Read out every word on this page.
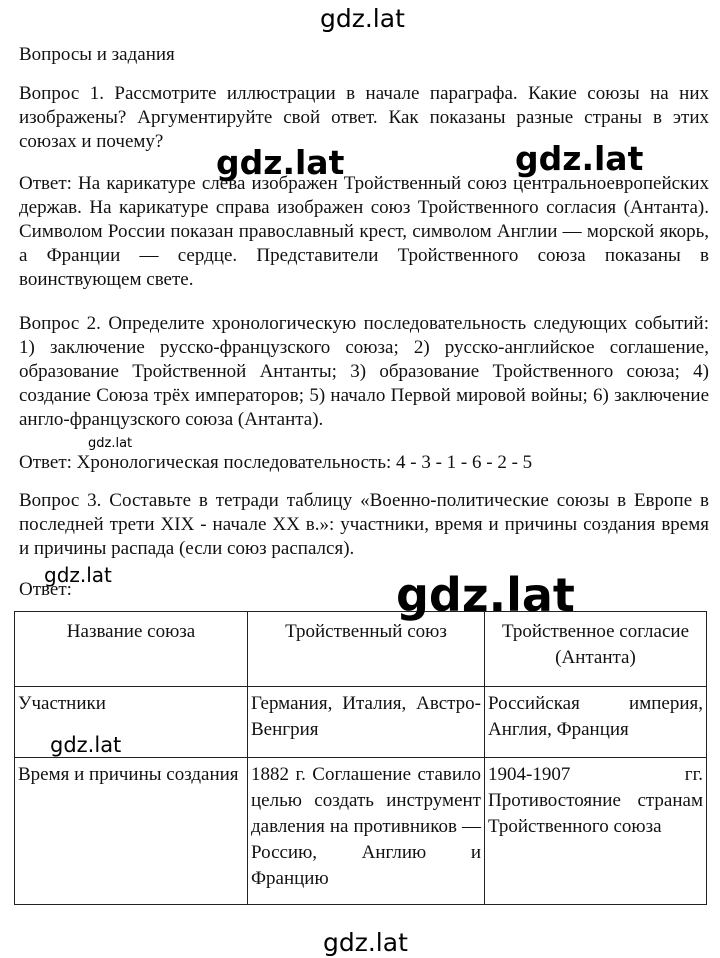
gdz.lat
Вопросы и задания

Вопрос 1. Рассмотрите иллюстрации в начале параграфа. Какие союзы на них изображены? Аргументируйте свой ответ. Как показаны разные страны в этих союзах и почему?

Ответ: На карикатуре слева изображен Тройственный союз центральноевропейских держав. На карикатуре справа изображен союз Тройственного согласия (Антанта). Символом России показан православный крест, символом Англии — морской якорь, а Франции — сердце. Представители Тройственного союза показаны в воинствующем свете.

Вопрос 2. Определите хронологическую последовательность следующих событий: 1) заключение русско-французского союза; 2) русско-английское соглашение, образование Тройственной Антанты; 3) образование Тройственного союза; 4) создание Союза трёх императоров; 5) начало Первой мировой войны; 6) заключение англо-французского союза (Антанта).

Ответ: Хронологическая последовательность: 4 - 3 - 1 - 6 - 2 - 5

Вопрос 3. Составьте в тетради таблицу «Военно-политические союзы в Европе в последней трети XIX - начале XX в.»: участники, время и причины создания время и причины распада (если союз распался).

Ответ:

Название союза	Тройственный союз	Тройственное согласие (Антанта)
Участники	Германия, Италия, Австро-Венгрия	Российская империя, Англия, Франция
Время и причины создания	1882 г. Соглашение ставило целью создать инструмент давления на противников — Россию, Англию и Францию	1904-1907 гг. Противостояние странам Тройственного союза
gdz.lat	gdz.lat
gdz.lat
gdz.lat	gdz.lat
gdz.lat
gdz.lat
